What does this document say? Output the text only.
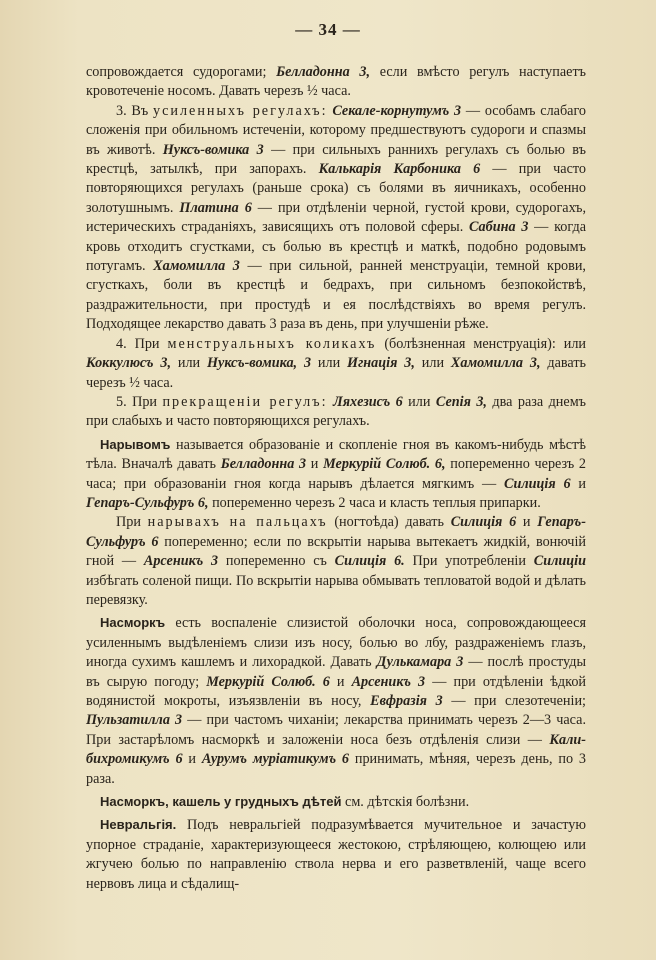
— 34 —

сопровождается судорогами; Белладонна 3, если вмѣсто регулъ наступаетъ кровотеченіе носомъ. Давать черезъ ½ часа.

3. Въ усиленныхъ регулахъ: Секале-корнутумъ 3 — особамъ слабаго сложенія при обильномъ истеченіи, которому предшествуютъ судороги и спазмы въ животѣ. Нуксъ-вомика 3 — при сильныхъ раннихъ регулахъ съ болью въ крестцѣ, затылкѣ, при запорахъ. Калькарія Карбоника 6 — при часто повторяющихся регулахъ (раньше срока) съ болями въ яичникахъ, особенно золотушнымъ. Платина 6 — при отдѣленіи черной, густой крови, судорогахъ, истерическихъ страданіяхъ, зависящихъ отъ половой сферы. Сабина 3 — когда кровь отходитъ сгустками, съ болью въ крестцѣ и маткѣ, подобно родовымъ потугамъ. Хамомилла 3 — при сильной, ранней менструаціи, темной крови, сгусткахъ, боли въ крестцѣ и бедрахъ, при сильномъ безпокойствѣ, раздражительности, при простудѣ и ея послѣдствіяхъ во время регулъ. Подходящее лекарство давать 3 раза въ день, при улучшеніи рѣже.

4. При менструальныхъ коликахъ (болѣзненная менструація): или Коккулюсъ 3, или Нуксъ-вомика, 3 или Игнація 3, или Хамомилла 3, давать черезъ ½ часа.

5. При прекращеніи регулъ: Ляхезисъ 6 или Сепія 3, два раза днемъ при слабыхъ и часто повторяющихся регулахъ.

Нарывомъ называется образованіе и скопленіе гноя въ какомъ-нибудь мѣстѣ тѣла. Вначалѣ давать Белладонна 3 и Меркурій Солюб. 6, попеременно черезъ 2 часа; при образованіи гноя когда нарывъ дѣлается мягкимъ — Силиція 6 и Гепаръ-Сульфуръ 6, попеременно черезъ 2 часа и класть теплыя припарки.

При нарывахъ на пальцахъ (ногтоѣда) давать Силиція 6 и Гепаръ-Сульфуръ 6 попеременно; если по вскрытіи нарыва вытекаетъ жидкій, вонючій гной — Арсеникъ 3 попеременно съ Силиція 6. При употребленіи Силиціи избѣгать соленой пищи. По вскрытіи нарыва обмывать тепловатой водой и дѣлать перевязку.

Насморкъ есть воспаленіе слизистой оболочки носа, сопровождающееся усиленнымъ выдѣленіемъ слизи изъ носу, болью во лбу, раздраженіемъ глазъ, иногда сухимъ кашлемъ и лихорадкой. Давать Дулькамара 3 — послѣ простуды въ сырую погоду; Меркурій Солюб. 6 и Арсеникъ 3 — при отдѣленіи ѣдкой водянистой мокроты, изъязвленіи въ носу, Евфразія 3 — при слезотеченіи; Пульзатилла 3 — при частомъ чиханіи; лекарства принимать черезъ 2—3 часа. При застарѣломъ насморкѣ и заложеніи носа безъ отдѣленія слизи — Кали-бихромикумъ 6 и Аурумъ муріатикумъ 6 принимать, мѣняя, черезъ день, по 3 раза.

Насморкъ, кашель у грудныхъ дѣтей см. дѣтскія болѣзни.

Невральгія. Подъ невральгіей подразумѣвается мучительное и зачастую упорное страданіе, характеризующееся жестокою, стрѣляющею, колющею или жгучею болью по направленію ствола нерва и его разветвленій, чаще всего нервовъ лица и сѣдалищ-
